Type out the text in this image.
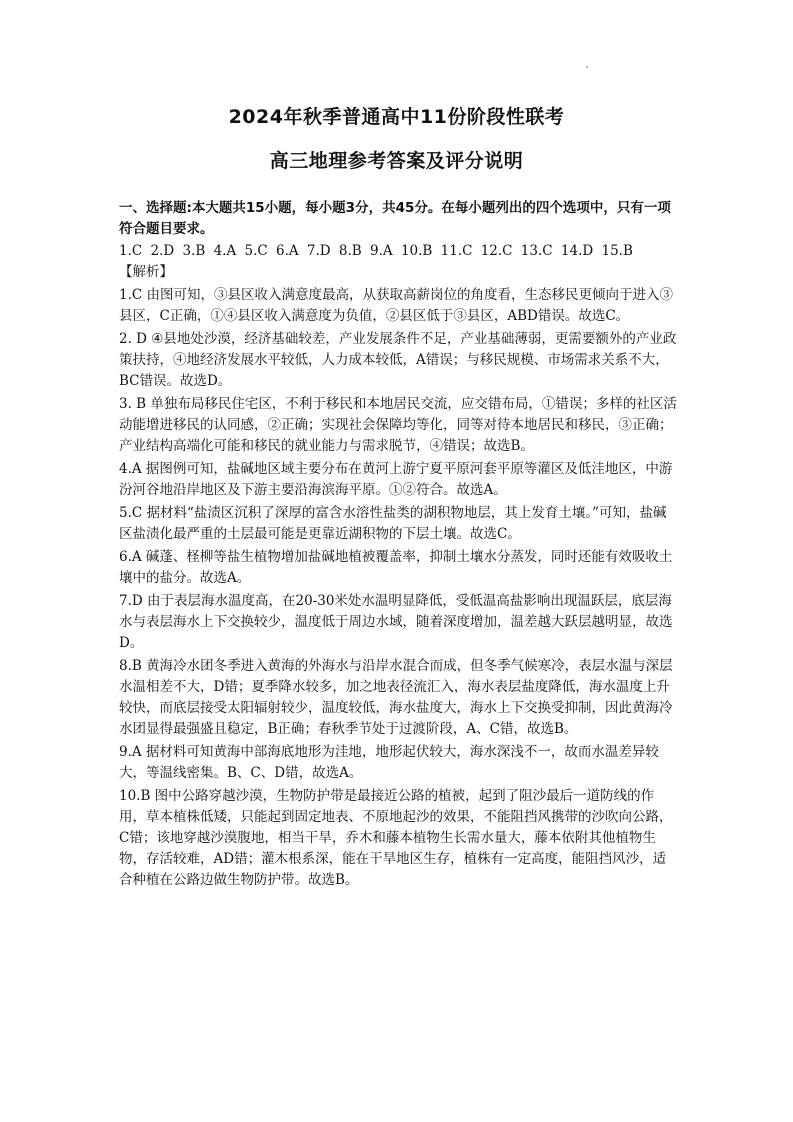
2024年秋季普通高中11份阶段性联考
高三地理参考答案及评分说明
一、选择题:本大题共15小题，每小题3分，共45分。在每小题列出的四个选项中，只有一项符合题目要求。
1.C 2.D 3.B 4.A 5.C 6.A 7.D 8.B 9.A 10.B 11.C 12.C 13.C 14.D 15.B
【解析】
1.C 由图可知，③县区收入满意度最高，从获取高薪岗位的角度看，生态移民更倾向于进入③县区，C正确，①④县区收入满意度为负值，②县区低于③县区，ABD错误。故选C。
2. D ④县地处沙漠，经济基础较差，产业发展条件不足，产业基础薄弱，更需要额外的产业政策扶持，④地经济发展水平较低，人力成本较低，A错误；与移民规模、市场需求关系不大，BC错误。故选D。
3. B 单独布局移民住宅区，不利于移民和本地居民交流，应交错布局，①错误；多样的社区活动能增进移民的认同感，②正确；实现社会保障均等化，同等对待本地居民和移民，③正确；产业结构高端化可能和移民的就业能力与需求脱节，④错误；故选B。
4.A 据图例可知，盐碱地区域主要分布在黄河上游宁夏平原河套平原等灌区及低洼地区，中游汾河谷地沿岸地区及下游主要沿海滨海平原。①②符合。故选A。
5.C 据材料“盐渍区沉积了深厚的富含水溶性盐类的湖积物地层，其上发育土壤。”可知，盐碱区盐渍化最严重的土层最可能是更靠近湖积物的下层土壤。故选C。
6.A 碱蓬、柽柳等盐生植物增加盐碱地植被覆盖率，抑制土壤水分蒸发，同时还能有效吸收土壤中的盐分。故选A。
7.D 由于表层海水温度高，在20-30米处水温明显降低，受低温高盐影响出现温跃层，底层海水与表层海水上下交换较少，温度低于周边水域，随着深度增加，温差越大跃层越明显，故选D。
8.B 黄海冷水团冬季进入黄海的外海水与沿岸水混合而成，但冬季气候寒冷，表层水温与深层水温相差不大，D错；夏季降水较多，加之地表径流汇入，海水表层盐度降低，海水温度上升较快，而底层接受太阳辐射较少，温度较低，海水盐度大，海水上下交换受抑制，因此黄海冷水团显得最强盛且稳定，B正确；春秋季节处于过渡阶段，A、C错，故选B。
9.A 据材料可知黄海中部海底地形为洼地，地形起伏较大，海水深浅不一，故而水温差异较大，等温线密集。B、C、D错，故选A。
10.B 图中公路穿越沙漠，生物防护带是最接近公路的植被，起到了阻沙最后一道防线的作用，草本植株低矮，只能起到固定地表、不原地起沙的效果，不能阻挡风携带的沙吹向公路，C错；该地穿越沙漠腹地，相当干旱，乔木和藤本植物生长需水量大，藤本依附其他植物生物，存活较难，AD错；灌木根系深，能在干旱地区生存，植株有一定高度，能阻挡风沙，适合种植在公路边做生物防护带。故选B。
